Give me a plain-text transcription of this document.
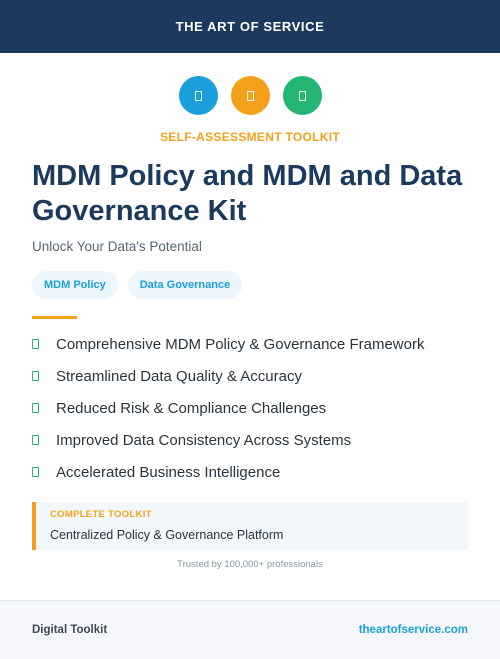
THE ART OF SERVICE
SELF-ASSESSMENT TOOLKIT
MDM Policy and MDM and Data Governance Kit

Unlock Your Data's Potential

MDM Policy	Data Governance
Comprehensive MDM Policy & Governance Framework
Streamlined Data Quality & Accuracy
Reduced Risk & Compliance Challenges
Improved Data Consistency Across Systems
Accelerated Business Intelligence
COMPLETE TOOLKIT
Centralized Policy & Governance Platform
Trusted by 100,000+ professionals
Digital Toolkit	theartofservice.com
